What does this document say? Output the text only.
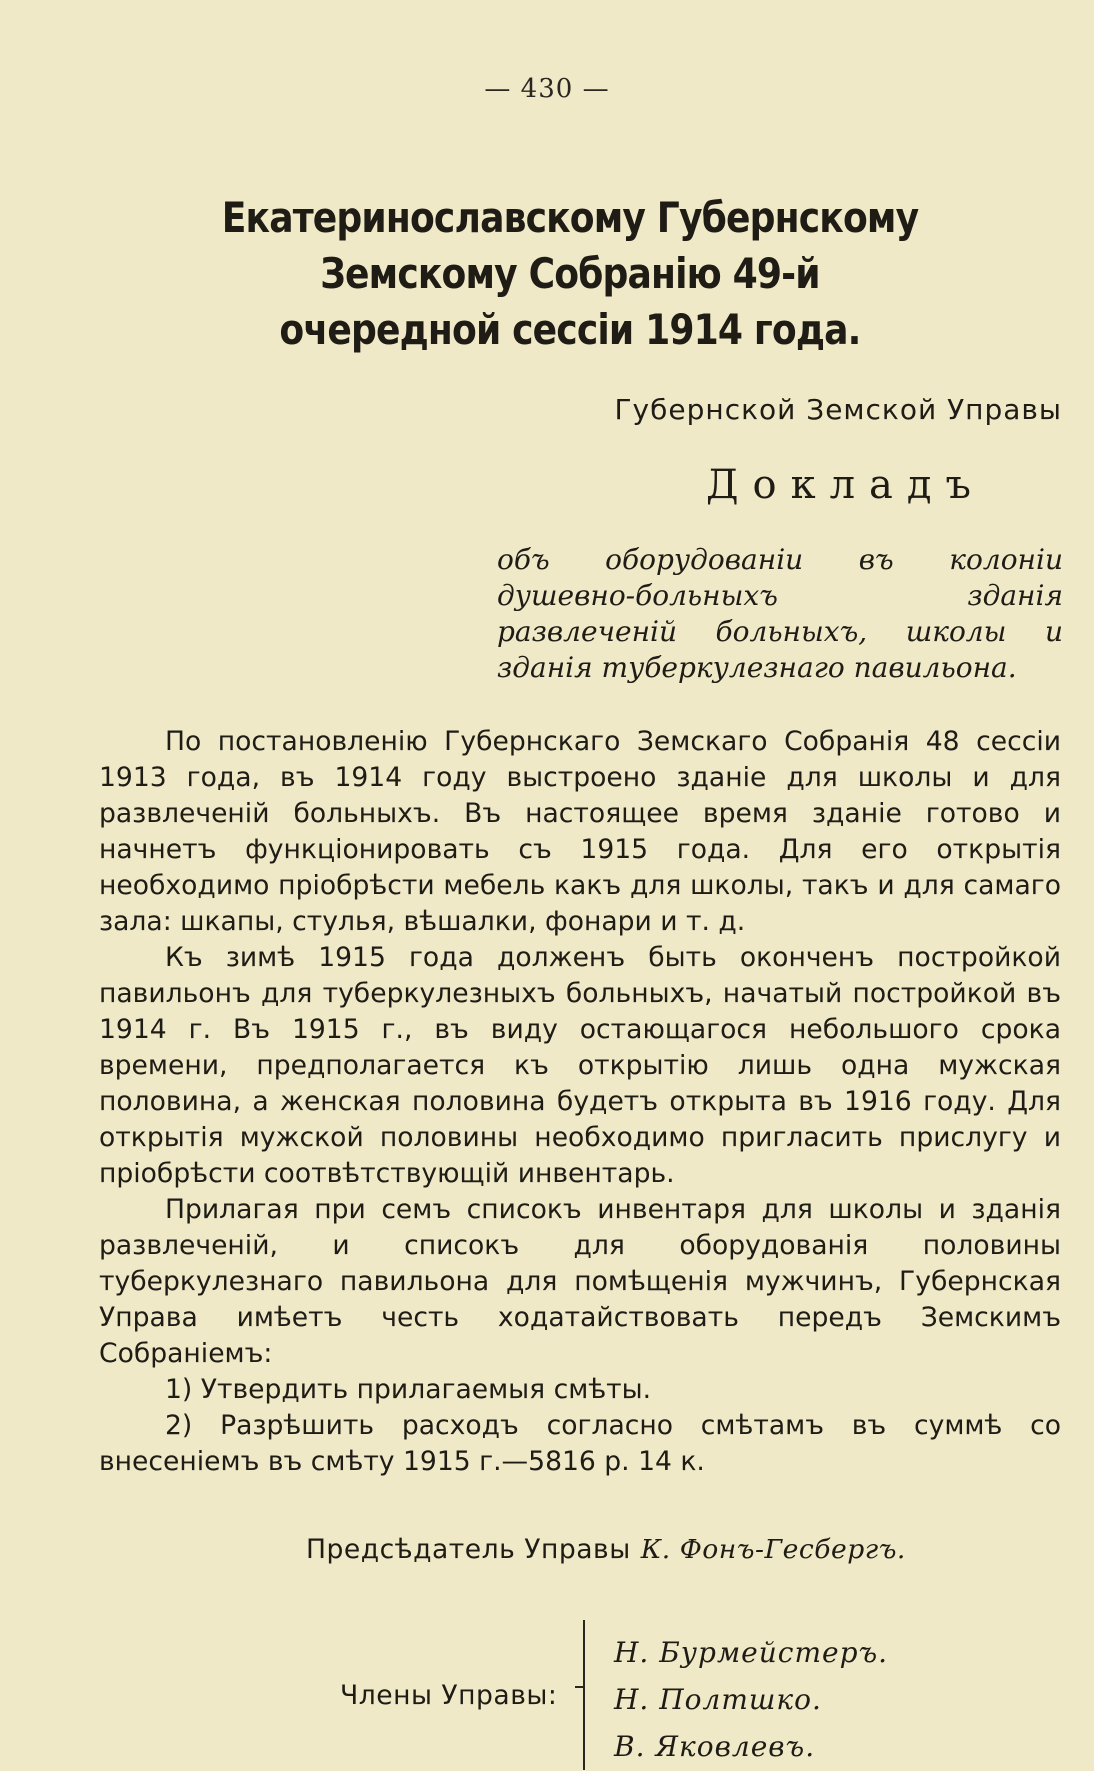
— 430 —
Екатеринославскому Губернскому Земскому Собранію 49-й
очередной сессіи 1914 года.
Губернской Земской Управы
Докладъ
объ оборудованіи въ колоніи душевно-больныхъ зданія развлеченій больныхъ, школы и зданія туберкулезнаго павильона.

По постановленію Губернскаго Земскаго Собранія 48 сессіи 1913 года, въ 1914 году выстроено зданіе для школы и для развлеченій больныхъ. Въ настоящее время зданіе готово и начнетъ функціонировать съ 1915 года. Для его открытія необходимо пріобрѣсти мебель какъ для школы, такъ и для самаго зала: шкапы, стулья, вѣшалки, фонари и т. д.

Къ зимѣ 1915 года долженъ быть оконченъ постройкой павильонъ для туберкулезныхъ больныхъ, начатый постройкой въ 1914 г. Въ 1915 г., въ виду остающагося небольшого срока времени, предполагается къ открытію лишь одна мужская половина, а женская половина будетъ открыта въ 1916 году. Для открытія мужской половины необходимо пригласить прислугу и пріобрѣсти соотвѣтствующій инвентарь.

Прилагая при семъ списокъ инвентаря для школы и зданія развлеченій, и списокъ для оборудованія половины туберкулезнаго павильона для помѣщенія мужчинъ, Губернская Управа имѣетъ честь ходатайствовать передъ Земскимъ Собраніемъ:

1) Утвердить прилагаемыя смѣты.

2) Разрѣшить расходъ согласно смѣтамъ въ суммѣ со внесеніемъ въ смѣту 1915 г.—5816 р. 14 к.

Предсѣдатель Управы К. Фонъ-Гесбергъ.
Члены Управы:
Н. Бурмейстеръ.
Н. Полтшко.
В. Яковлевъ.
